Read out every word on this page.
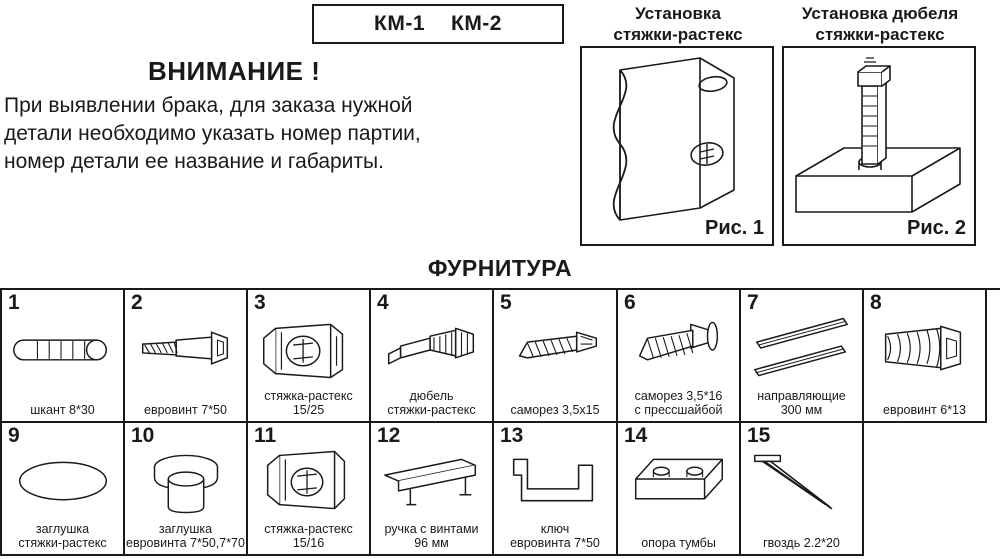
КМ-1 КМ-2
ВНИМАНИЕ !
При выявлении брака, для заказа нужной
детали необходимо указать номер партии,
номер детали ее название и габариты.
Установка
стяжки-растекс
Установка дюбеля
стяжки-растекс
Рис. 1	Рис. 2
ФУРНИТУРА
1
шкант 8*30
2
евровинт 7*50
3
стяжка-растекс
15/25
4
дюбель
стяжки-растекс
5
саморез 3,5х15
6
саморез 3,5*16
с прессшайбой
7
направляющие
300 мм
8
евровинт 6*13
9
заглушка
стяжки-растекс
10
заглушка
евровинта 7*50,7*70
11
стяжка-растекс
15/16
12
ручка с винтами
96 мм
13
ключ
евровинта 7*50
14
опора тумбы
15
гвоздь 2.2*20
